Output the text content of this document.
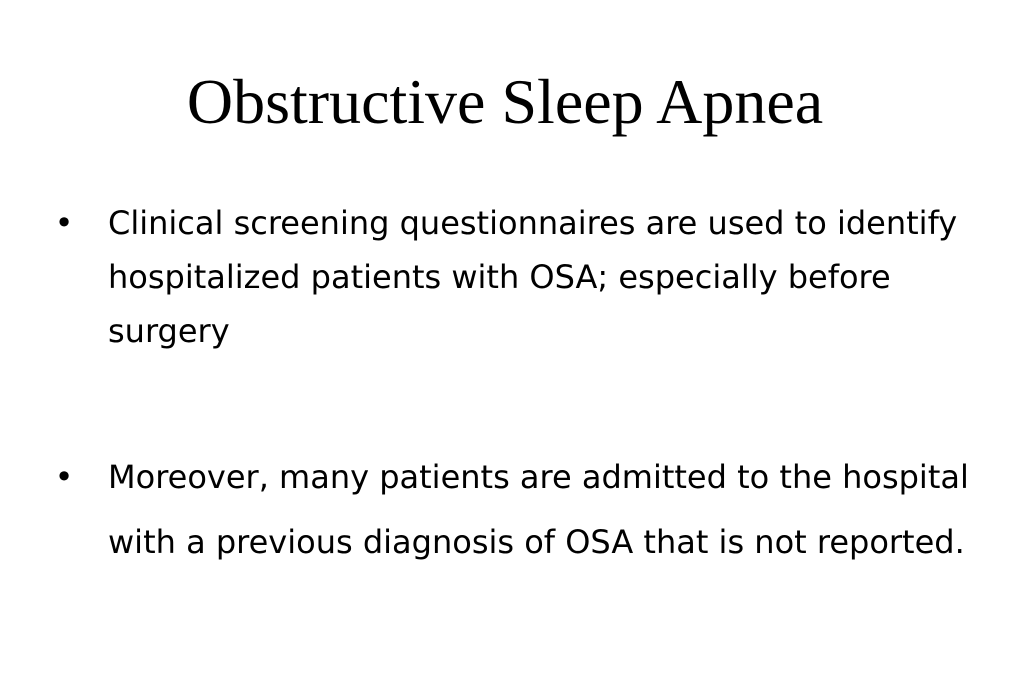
Obstructive Sleep Apnea
• Clinical screening questionnaires are used to identify hospitalized patients with OSA; especially before surgery
• Moreover, many patients are admitted to the hospital with a previous diagnosis of OSA that is not reported.
